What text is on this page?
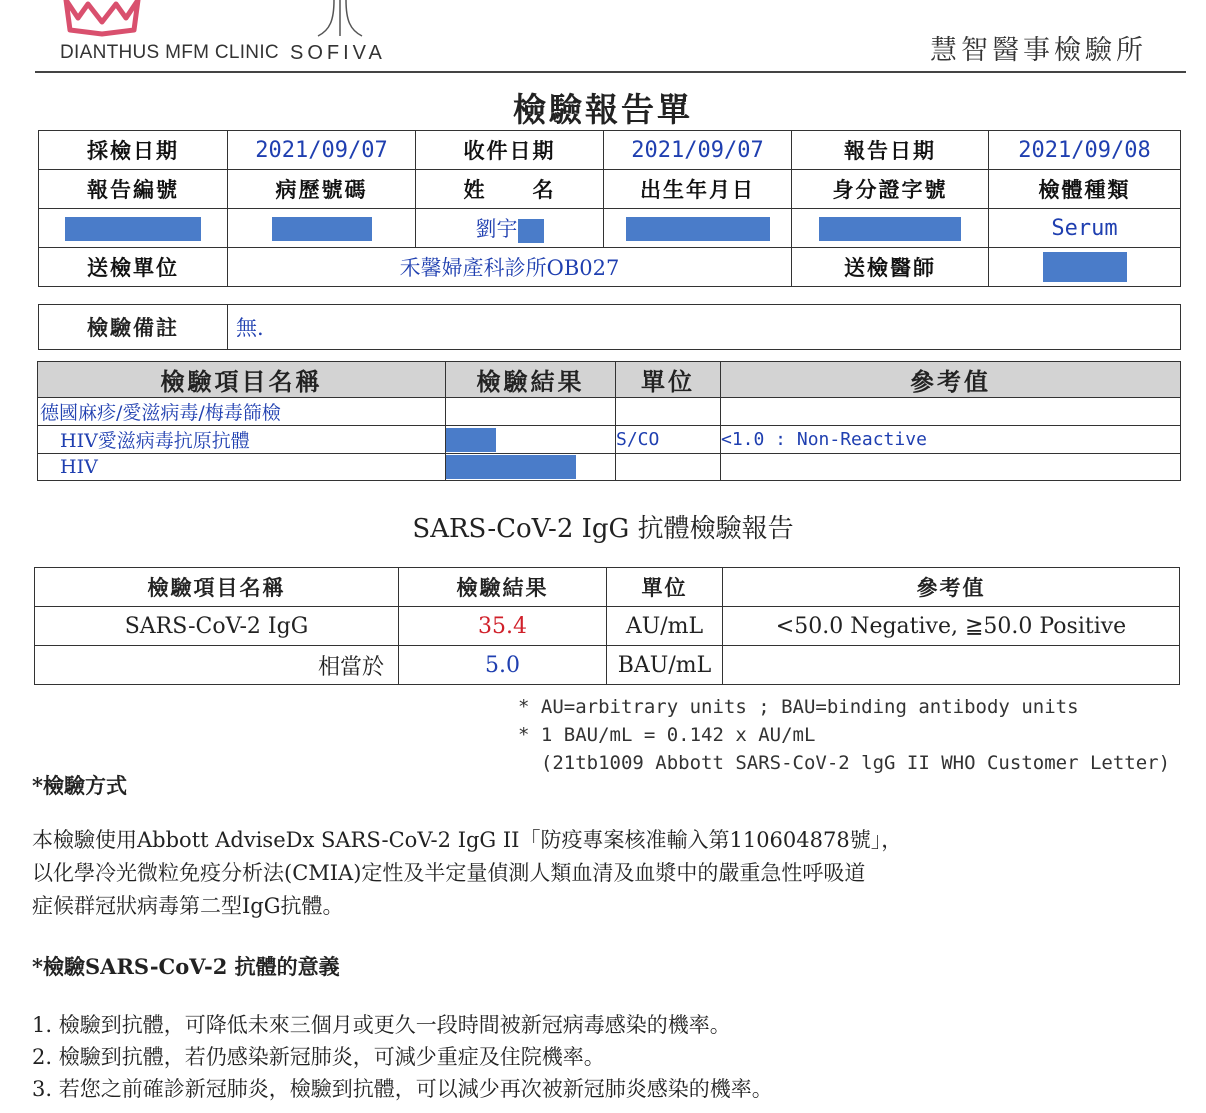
DIANTHUS MFM CLINIC SOFIVA	慧智醫事檢驗所
檢驗報告單
採檢日期	2021/09/07	收件日期	2021/09/07	報告日期	2021/09/08
報告編號	病歷號碼	姓　　名	出生年月日	身分證字號	檢體種類
		劉宇			Serum
送檢單位	禾馨婦產科診所OB027			送檢醫師	
檢驗備註	無.
檢驗項目名稱	檢驗結果	單位	參考值
德國麻疹/愛滋病毒/梅毒篩檢			
HIV愛滋病毒抗原抗體		S/CO	<1.0 : Non-Reactive
HIV			
SARS-CoV-2 IgG 抗體檢驗報告
檢驗項目名稱	檢驗結果	單位	參考值
SARS-CoV-2 IgG	35.4	AU/mL	<50.0 Negative, ≧50.0 Positive
相當於	5.0	BAU/mL	
* AU=arbitrary units ; BAU=binding antibody units
* 1 BAU/mL = 0.142 x AU/mL
(21tb1009 Abbott SARS-CoV-2 lgG II WHO Customer Letter)
*檢驗方式
本檢驗使用Abbott AdviseDx SARS-CoV-2 IgG II「防疫專案核准輸入第110604878號」，
以化學冷光微粒免疫分析法(CMIA)定性及半定量偵測人類血清及血漿中的嚴重急性呼吸道
症候群冠狀病毒第二型IgG抗體。
*檢驗SARS-CoV-2 抗體的意義
1. 檢驗到抗體，可降低未來三個月或更久一段時間被新冠病毒感染的機率。
2. 檢驗到抗體，若仍感染新冠肺炎，可減少重症及住院機率。
3. 若您之前確診新冠肺炎，檢驗到抗體，可以減少再次被新冠肺炎感染的機率。
